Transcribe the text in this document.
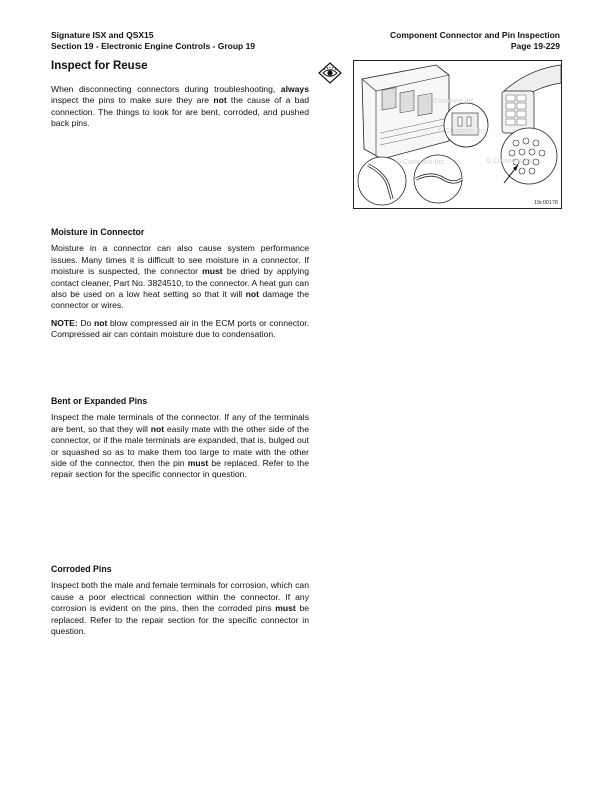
Signature ISX and QSX15
Section 19 - Electronic Engine Controls - Group 19
Component Connector and Pin Inspection
Page 19-229
Inspect for Reuse

When disconnecting connectors during troubleshooting, always inspect the pins to make sure they are not the cause of a bad connection. The things to look for are bent, corroded, and pushed back pins.

© Cummins Inc.
© Cummins Inc.
© Cummins Inc.	© Cummins Inc.
19c00178
Moisture in Connector

Moisture in a connector can also cause system performance issues. Many times it is difficult to see moisture in a connector. If moisture is suspected, the connector must be dried by applying contact cleaner, Part No. 3824510, to the connector. A heat gun can also be used on a low heat setting so that it will not damage the connector or wires.

NOTE: Do not blow compressed air in the ECM ports or connector. Compressed air can contain moisture due to condensation.

Bent or Expanded Pins

Inspect the male terminals of the connector. If any of the terminals are bent, so that they will not easily mate with the other side of the connector, or if the male terminals are expanded, that is, bulged out or squashed so as to make them too large to mate with the other side of the connector, then the pin must be replaced. Refer to the repair section for the specific connector in question.

Corroded Pins

Inspect both the male and female terminals for corrosion, which can cause a poor electrical connection within the connector. If any corrosion is evident on the pins, then the corroded pins must be replaced. Refer to the repair section for the specific connector in question.
